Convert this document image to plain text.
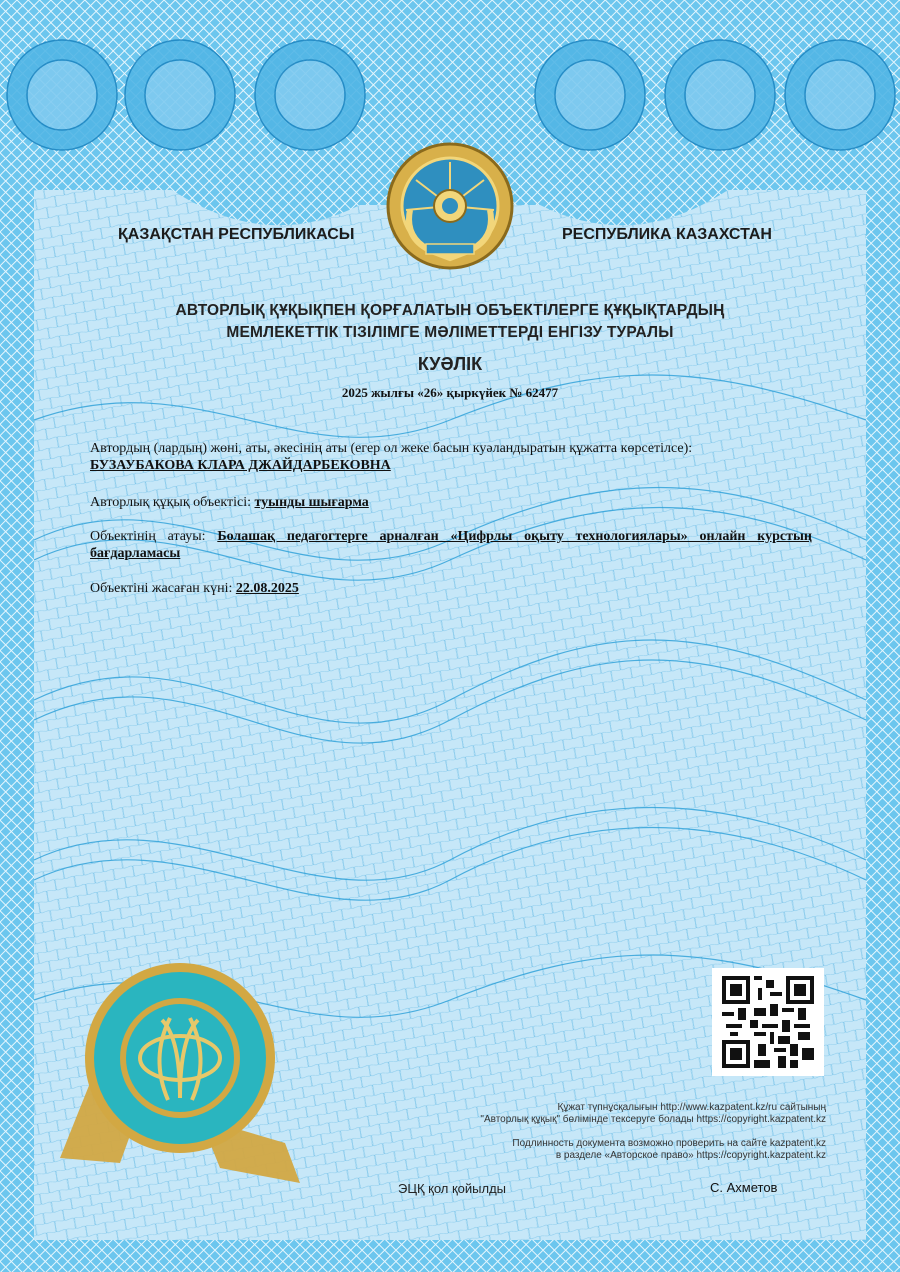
ҚАЗАҚСТАН РЕСПУБЛИКАСЫ	РЕСПУБЛИКА КАЗАХСТАН
АВТОРЛЫҚ ҚҰҚЫҚПЕН ҚОРҒАЛАТЫН ОБЪЕКТІЛЕРГЕ ҚҰҚЫҚТАРДЫҢ
МЕМЛЕКЕТТІК ТІЗІЛІМГЕ МӘЛІМЕТТЕРДІ ЕНГІЗУ ТУРАЛЫ
КУӘЛІК
2025 жылғы «26» қыркүйек № 62477
Автордың (лардың) жөні, аты, әкесінің аты (егер ол жеке басын куәландыратын құжатта көрсетілсе):
БУЗАУБАКОВА КЛАРА ДЖАЙДАРБЕКОВНА
Авторлық құқық объектісі: туынды шығарма
Объектінің атауы: Болашақ педагогтерге арналған «Цифрлы оқыту технологиялары» онлайн курстың бағдарламасы
Объектіні жасаған күні: 22.08.2025
Құжат түпнұсқалығын http://www.kazpatent.kz/ru сайтының
"Авторлық құқық" бөлімінде тексеруге болады https://copyright.kazpatent.kz
Подлинность документа возможно проверить на сайте kazpatent.kz
в разделе «Авторское право» https://copyright.kazpatent.kz
ЭЦҚ қол қойылды	С. Ахметов
